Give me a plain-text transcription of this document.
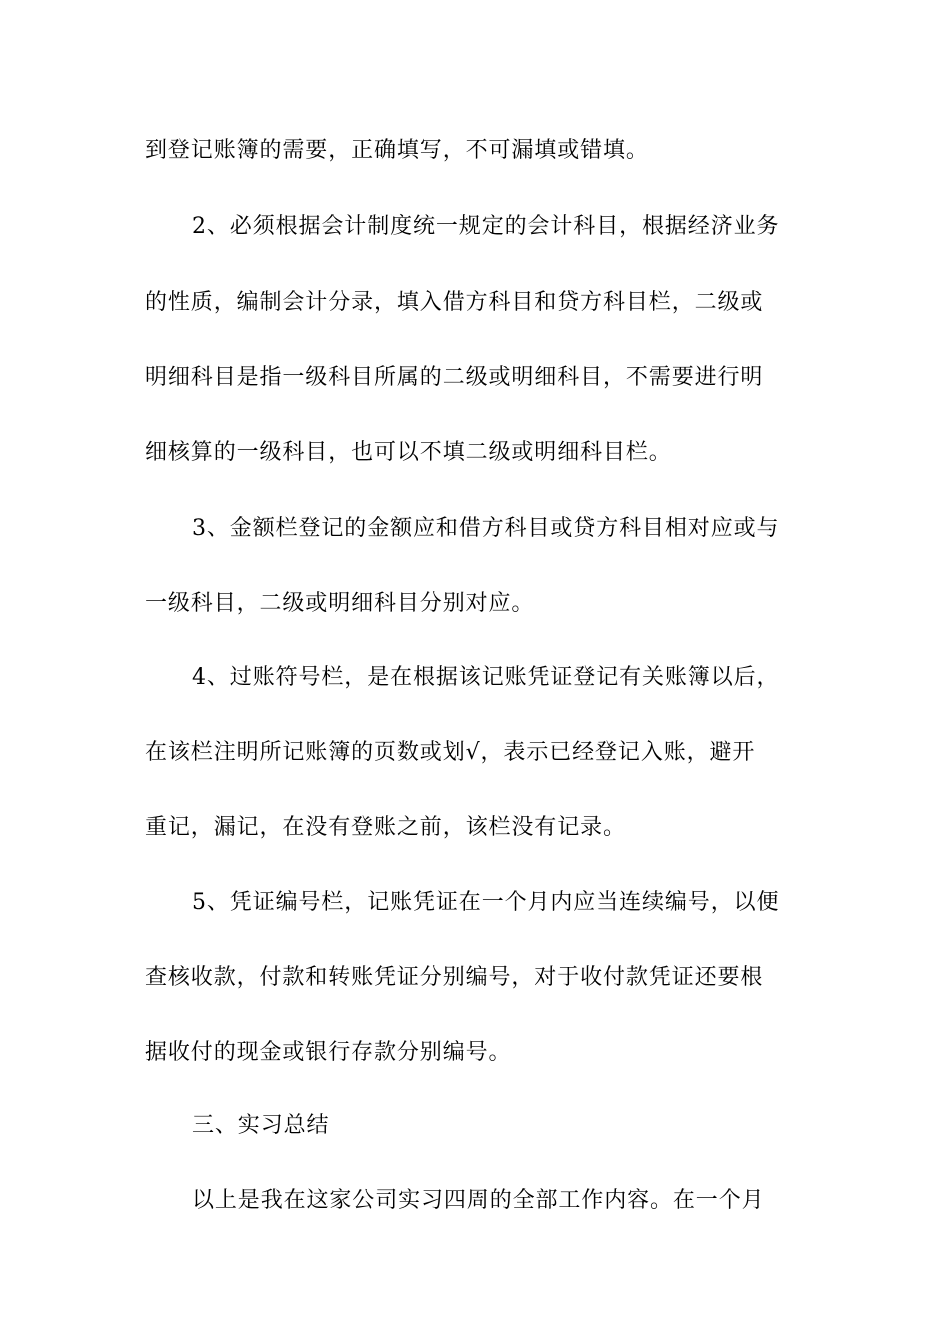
到登记账簿的需要，正确填写，不可漏填或错填。
2、必须根据会计制度统一规定的会计科目，根据经济业务
的性质，编制会计分录，填入借方科目和贷方科目栏，二级或
明细科目是指一级科目所属的二级或明细科目，不需要进行明
细核算的一级科目，也可以不填二级或明细科目栏。
3、金额栏登记的金额应和借方科目或贷方科目相对应或与
一级科目，二级或明细科目分别对应。
4、过账符号栏，是在根据该记账凭证登记有关账簿以后，
在该栏注明所记账簿的页数或划√，表示已经登记入账，避开
重记，漏记，在没有登账之前，该栏没有记录。
5、凭证编号栏，记账凭证在一个月内应当连续编号，以便
查核收款，付款和转账凭证分别编号，对于收付款凭证还要根
据收付的现金或银行存款分别编号。
三、实习总结
以上是我在这家公司实习四周的全部工作内容。在一个月
